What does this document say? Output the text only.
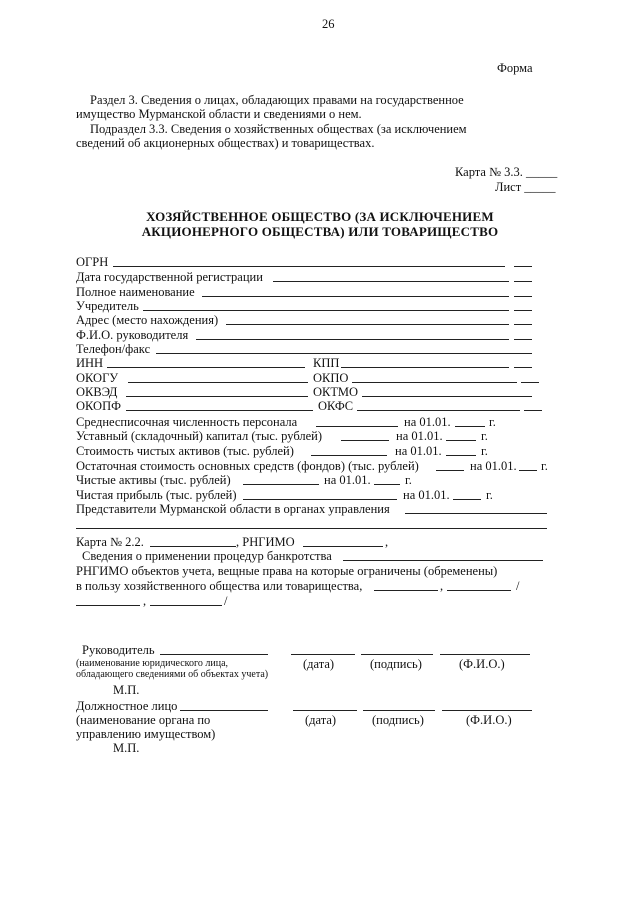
26
Форма
Раздел 3. Сведения о лицах, обладающих правами на государственное
имущество Мурманской области и сведениями о нем.
Подраздел 3.3. Сведения о хозяйственных обществах (за исключением
сведений об акционерных обществах) и товариществах.
Карта № 3.3. _____
Лист _____
ХОЗЯЙСТВЕННОЕ ОБЩЕСТВО (ЗА ИСКЛЮЧЕНИЕМ
АКЦИОНЕРНОГО ОБЩЕСТВА) ИЛИ ТОВАРИЩЕСТВО
ОГРН
Дата государственной регистрации
Полное наименование
Учредитель
Адрес (место нахождения)
Ф.И.О. руководителя
Телефон/факс
ИНН	КПП
ОКОГУ	ОКПО
ОКВЭД	ОКТМО
ОКОПФ	ОКФС
Среднесписочная численность персонала	на 01.01.	г.
Уставный (складочный) капитал (тыс. рублей)	на 01.01.	г.
Стоимость чистых активов (тыс. рублей)	на 01.01.	г.
Остаточная стоимость основных средств (фондов) (тыс. рублей)	на 01.01. г.
Чистые активы (тыс. рублей)	на 01.01.	г.
Чистая прибыль (тыс. рублей)	на 01.01.	г.
Представители Мурманской области в органах управления
Карта № 2.2.	, РНГИМО	,
Сведения о применении процедур банкротства
РНГИМО объектов учета, вещные права на которые ограничены (обременены)
в пользу хозяйственного общества или товарищества,	,	/
,	/
Руководитель
(наименование юридического лица,
обладающего сведениями об объектах учета)
(дата)	(подпись)	(Ф.И.О.)
М.П.
Должностное лицо
(наименование органа по
управлению имуществом)
(дата)	(подпись)	(Ф.И.О.)
М.П.
